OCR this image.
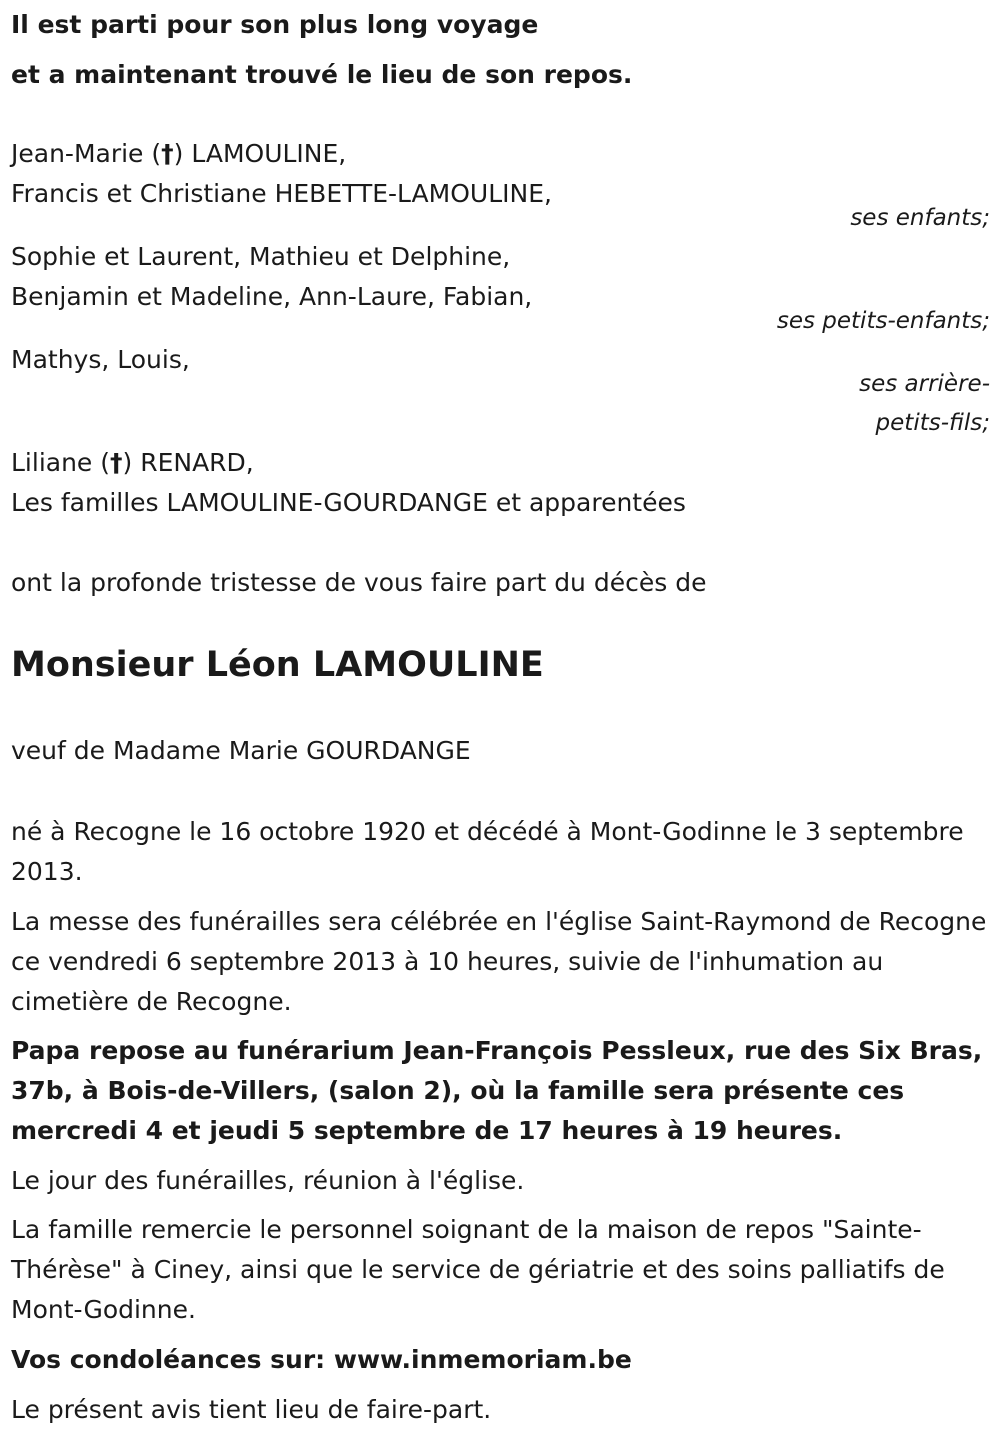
Il est parti pour son plus long voyage
et a maintenant trouvé le lieu de son repos.
Jean-Marie (†) LAMOULINE,
Francis et Christiane HEBETTE-LAMOULINE,
ses enfants;
Sophie et Laurent, Mathieu et Delphine,
Benjamin et Madeline, Ann-Laure, Fabian,
ses petits-enfants;
Mathys, Louis,
ses arrière-
petits-fils;
Liliane (†) RENARD,
Les familles LAMOULINE-GOURDANGE et apparentées
ont la profonde tristesse de vous faire part du décès de
Monsieur Léon LAMOULINE
veuf de Madame Marie GOURDANGE
né à Recogne le 16 octobre 1920 et décédé à Mont-Godinne le 3 septembre 2013.
La messe des funérailles sera célébrée en l'église Saint-Raymond de Recogne ce vendredi 6 septembre 2013 à 10 heures, suivie de l'inhumation au cimetière de Recogne.
Papa repose au funérarium Jean-François Pessleux, rue des Six Bras, 37b, à Bois-de-Villers, (salon 2), où la famille sera présente ces mercredi 4 et jeudi 5 septembre de 17 heures à 19 heures.
Le jour des funérailles, réunion à l'église.
La famille remercie le personnel soignant de la maison de repos "Sainte-Thérèse" à Ciney, ainsi que le service de gériatrie et des soins palliatifs de Mont-Godinne.
Vos condoléances sur: www.inmemoriam.be
Le présent avis tient lieu de faire-part.
